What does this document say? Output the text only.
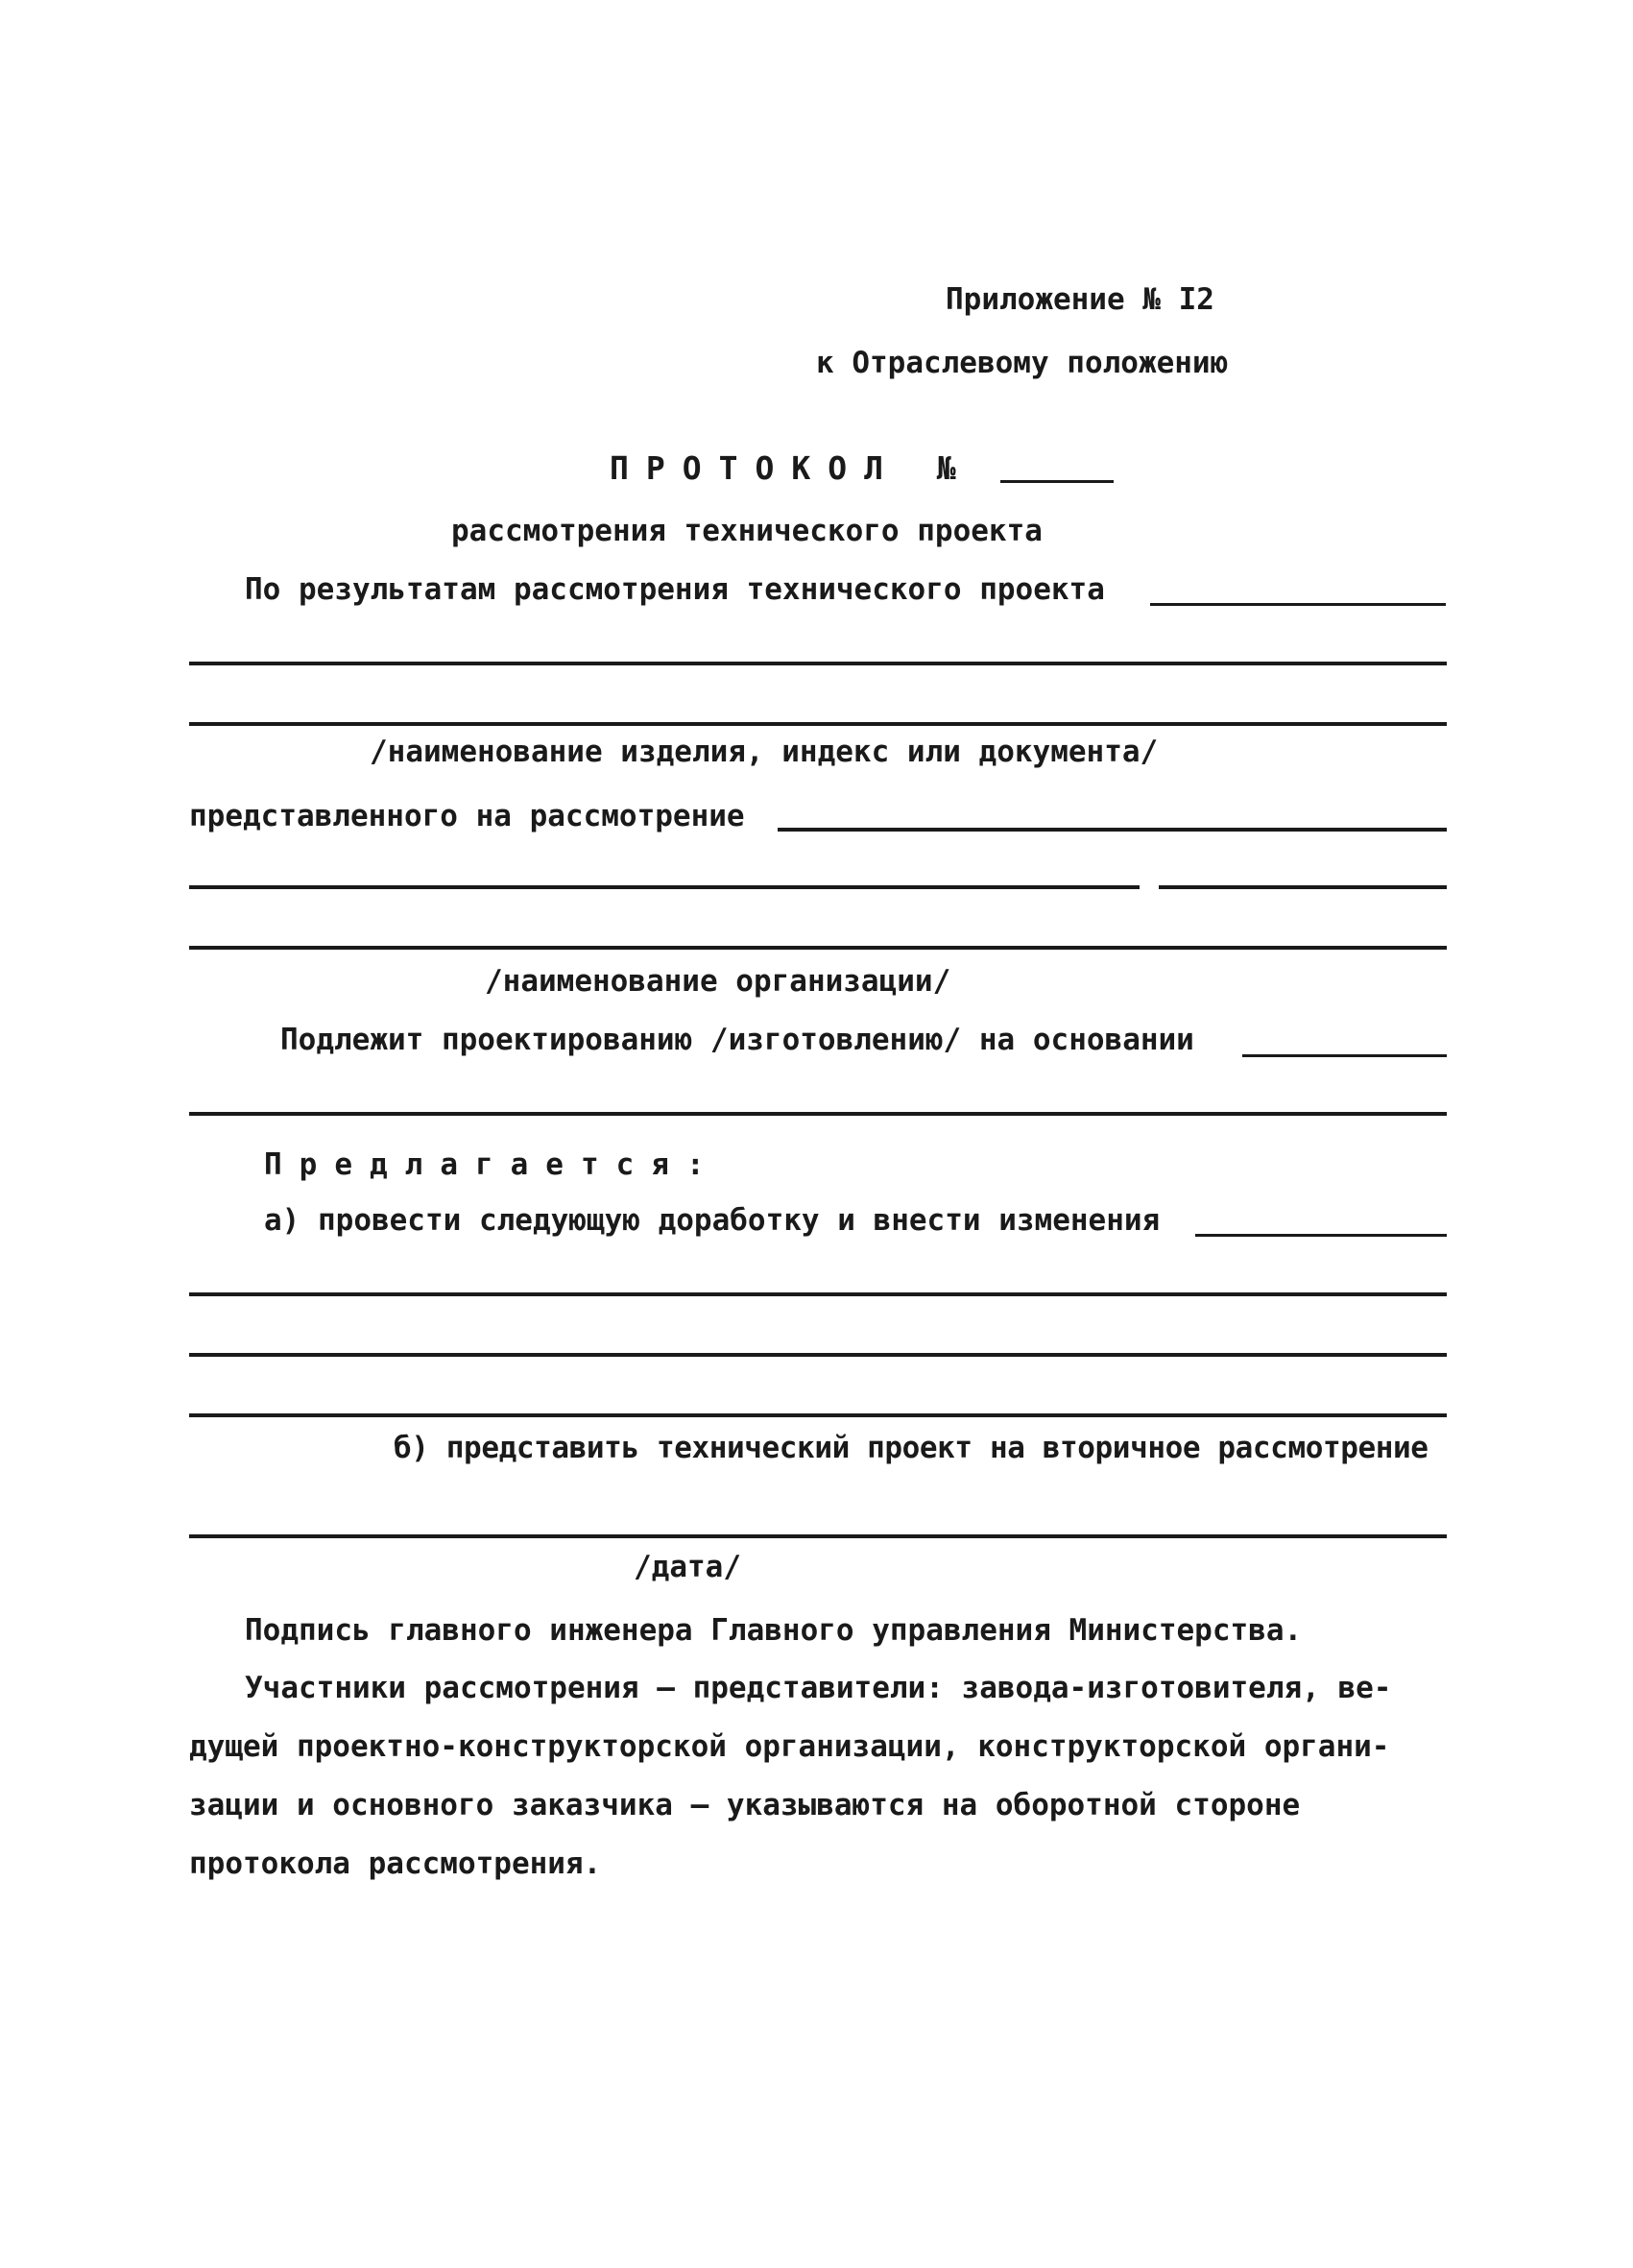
Приложение № I2
к Отраслевому положению
ПРОТОКОЛ №
рассмотрения технического проекта
По результатам рассмотрения технического проекта
/наименование изделия, индекс или документа/
представленного на рассмотрение
/наименование организации/
Подлежит проектированию /изготовлению/ на основании
Предлагается:
а) провести следующую доработку и внести изменения
б) представить технический проект на вторичное рассмотрение
/дата/
Подпись главного инженера Главного управления Министерства.
Участники рассмотрения – представители: завода-изготовителя, ве-
дущей проектно-конструкторской организации, конструкторской органи-
зации и основного заказчика – указываются на оборотной стороне
протокола рассмотрения.
